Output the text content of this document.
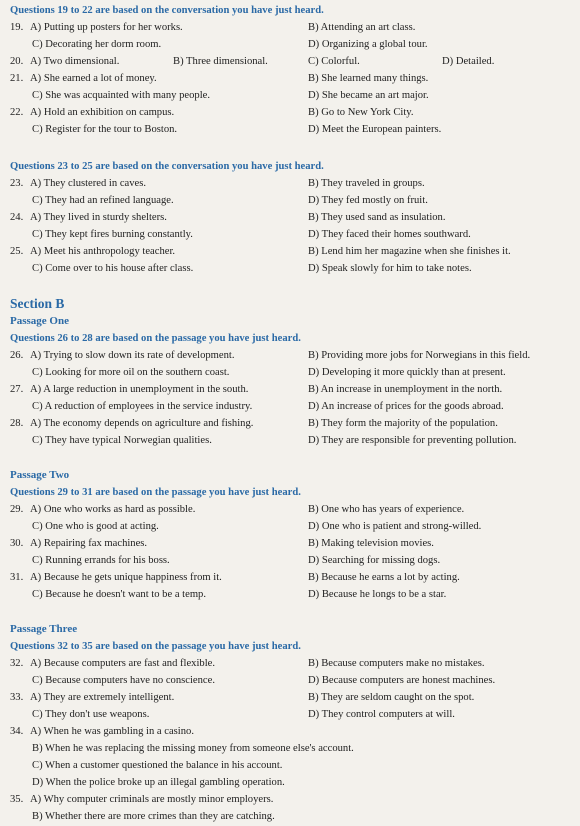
Questions 19 to 22 are based on the conversation you have just heard.
19. A) Putting up posters for her works.	B) Attending an art class.
C) Decorating her dorm room.	D) Organizing a global tour.
20. A) Two dimensional.	B) Three dimensional.	C) Colorful.	D) Detailed.
21. A) She earned a lot of money.	B) She learned many things.
C) She was acquainted with many people.	D) She became an art major.
22. A) Hold an exhibition on campus.	B) Go to New York City.
C) Register for the tour to Boston.	D) Meet the European painters.
Questions 23 to 25 are based on the conversation you have just heard.
23. A) They clustered in caves.	B) They traveled in groups.
C) They had an refined language.	D) They fed mostly on fruit.
24. A) They lived in sturdy shelters.	B) They used sand as insulation.
C) They kept fires burning constantly.	D) They faced their homes southward.
25. A) Meet his anthropology teacher.	B) Lend him her magazine when she finishes it.
C) Come over to his house after class.	D) Speak slowly for him to take notes.
Section B
Passage One
Questions 26 to 28 are based on the passage you have just heard.
26. A) Trying to slow down its rate of development.	B) Providing more jobs for Norwegians in this field.
C) Looking for more oil on the southern coast.	D) Developing it more quickly than at present.
27. A) A large reduction in unemployment in the south.	B) An increase in unemployment in the north.
C) A reduction of employees in the service industry.	D) An increase of prices for the goods abroad.
28. A) The economy depends on agriculture and fishing.	B) They form the majority of the population.
C) They have typical Norwegian qualities.	D) They are responsible for preventing pollution.
Passage Two
Questions 29 to 31 are based on the passage you have just heard.
29. A) One who works as hard as possible.	B) One who has years of experience.
C) One who is good at acting.	D) One who is patient and strong-willed.
30. A) Repairing fax machines.	B) Making television movies.
C) Running errands for his boss.	D) Searching for missing dogs.
31. A) Because he gets unique happiness from it.	B) Because he earns a lot by acting.
C) Because he doesn't want to be a temp.	D) Because he longs to be a star.
Passage Three
Questions 32 to 35 are based on the passage you have just heard.
32. A) Because computers are fast and flexible.	B) Because computers make no mistakes.
C) Because computers have no conscience.	D) Because computers are honest machines.
33. A) They are extremely intelligent.	B) They are seldom caught on the spot.
C) They don't use weapons.	D) They control computers at will.
34. A) When he was gambling in a casino.
B) When he was replacing the missing money from someone else's account.
C) When a customer questioned the balance in his account.
D) When the police broke up an illegal gambling operation.
35. A) Why computer criminals are mostly minor employers.
B) Whether there are more crimes than they are catching.
